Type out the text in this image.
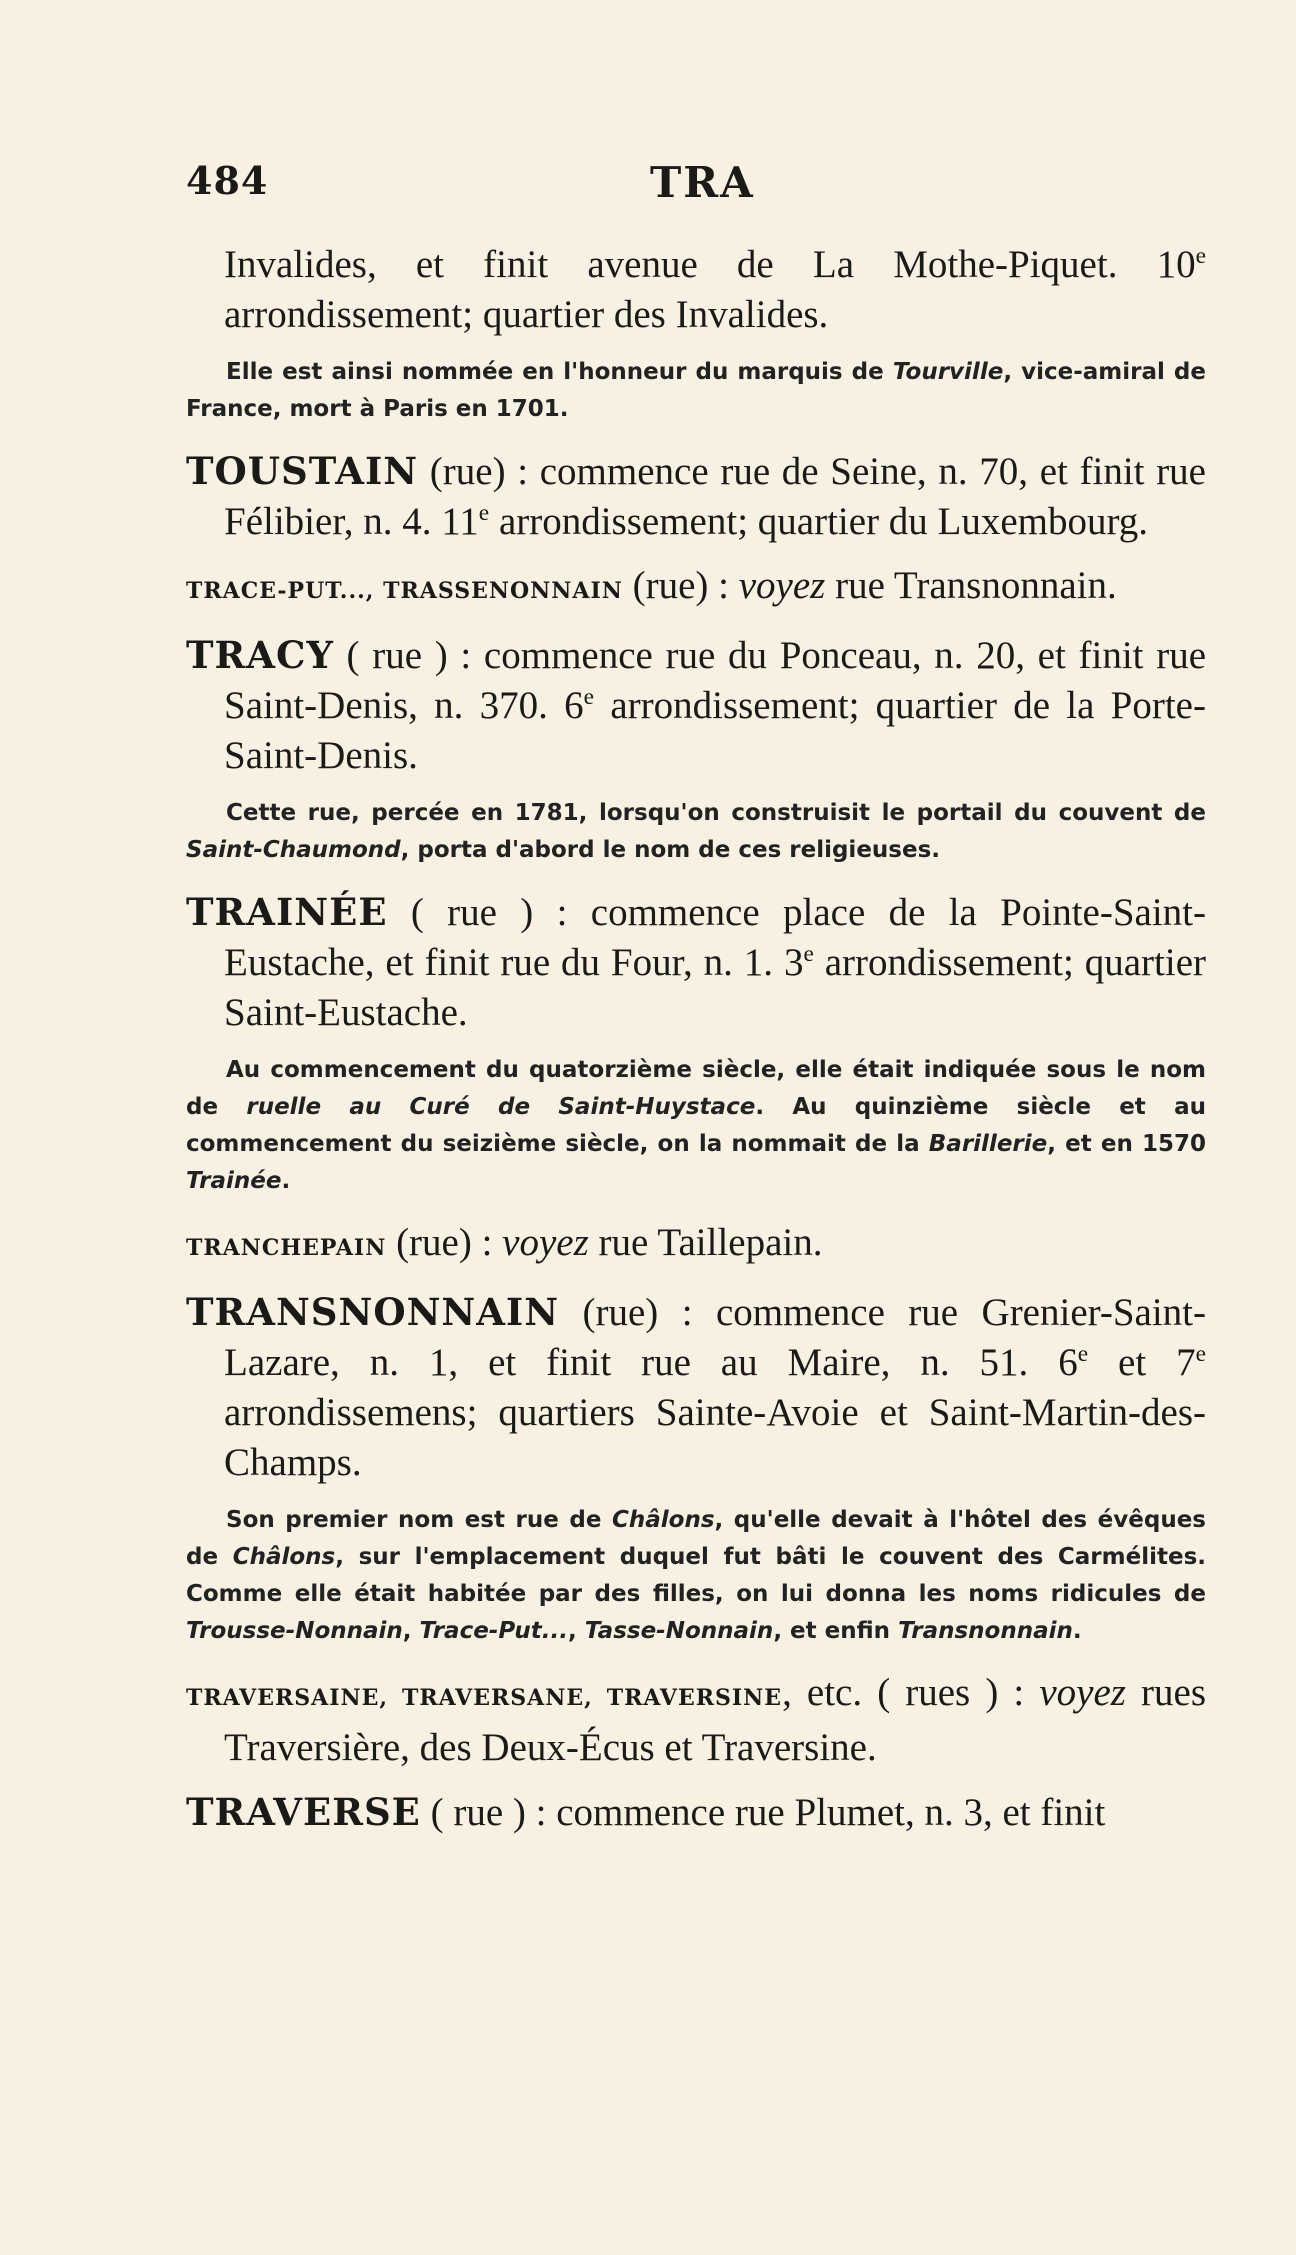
484	TRA

Invalides, et finit avenue de La Mothe-Piquet. 10e arrondissement; quartier des Invalides.

Elle est ainsi nommée en l'honneur du marquis de Tourville, vice-amiral de France, mort à Paris en 1701.

TOUSTAIN (rue) : commence rue de Seine, n. 70, et finit rue Félibier, n. 4. 11e arrondissement; quartier du Luxembourg.

TRACE-PUT..., TRASSENONNAIN (rue) : voyez rue Transnonnain.

TRACY ( rue ) : commence rue du Ponceau, n. 20, et finit rue Saint-Denis, n. 370. 6e arrondissement; quartier de la Porte-Saint-Denis.

Cette rue, percée en 1781, lorsqu'on construisit le portail du couvent de Saint-Chaumond, porta d'abord le nom de ces religieuses.

TRAINÉE ( rue ) : commence place de la Pointe-Saint-Eustache, et finit rue du Four, n. 1. 3e arrondissement; quartier Saint-Eustache.

Au commencement du quatorzième siècle, elle était indiquée sous le nom de ruelle au Curé de Saint-Huystace. Au quinzième siècle et au commencement du seizième siècle, on la nommait de la Barillerie, et en 1570 Trainée.

TRANCHEPAIN (rue) : voyez rue Taillepain.

TRANSNONNAIN (rue) : commence rue Grenier-Saint-Lazare, n. 1, et finit rue au Maire, n. 51. 6e et 7e arrondissemens; quartiers Sainte-Avoie et Saint-Martin-des-Champs.

Son premier nom est rue de Châlons, qu'elle devait à l'hôtel des évêques de Châlons, sur l'emplacement duquel fut bâti le couvent des Carmélites. Comme elle était habitée par des filles, on lui donna les noms ridicules de Trousse-Nonnain, Trace-Put..., Tasse-Nonnain, et enfin Transnonnain.

TRAVERSAINE, TRAVERSANE, TRAVERSINE, etc. ( rues ) : voyez rues Traversière, des Deux-Écus et Traversine.

TRAVERSE ( rue ) : commence rue Plumet, n. 3, et finit
